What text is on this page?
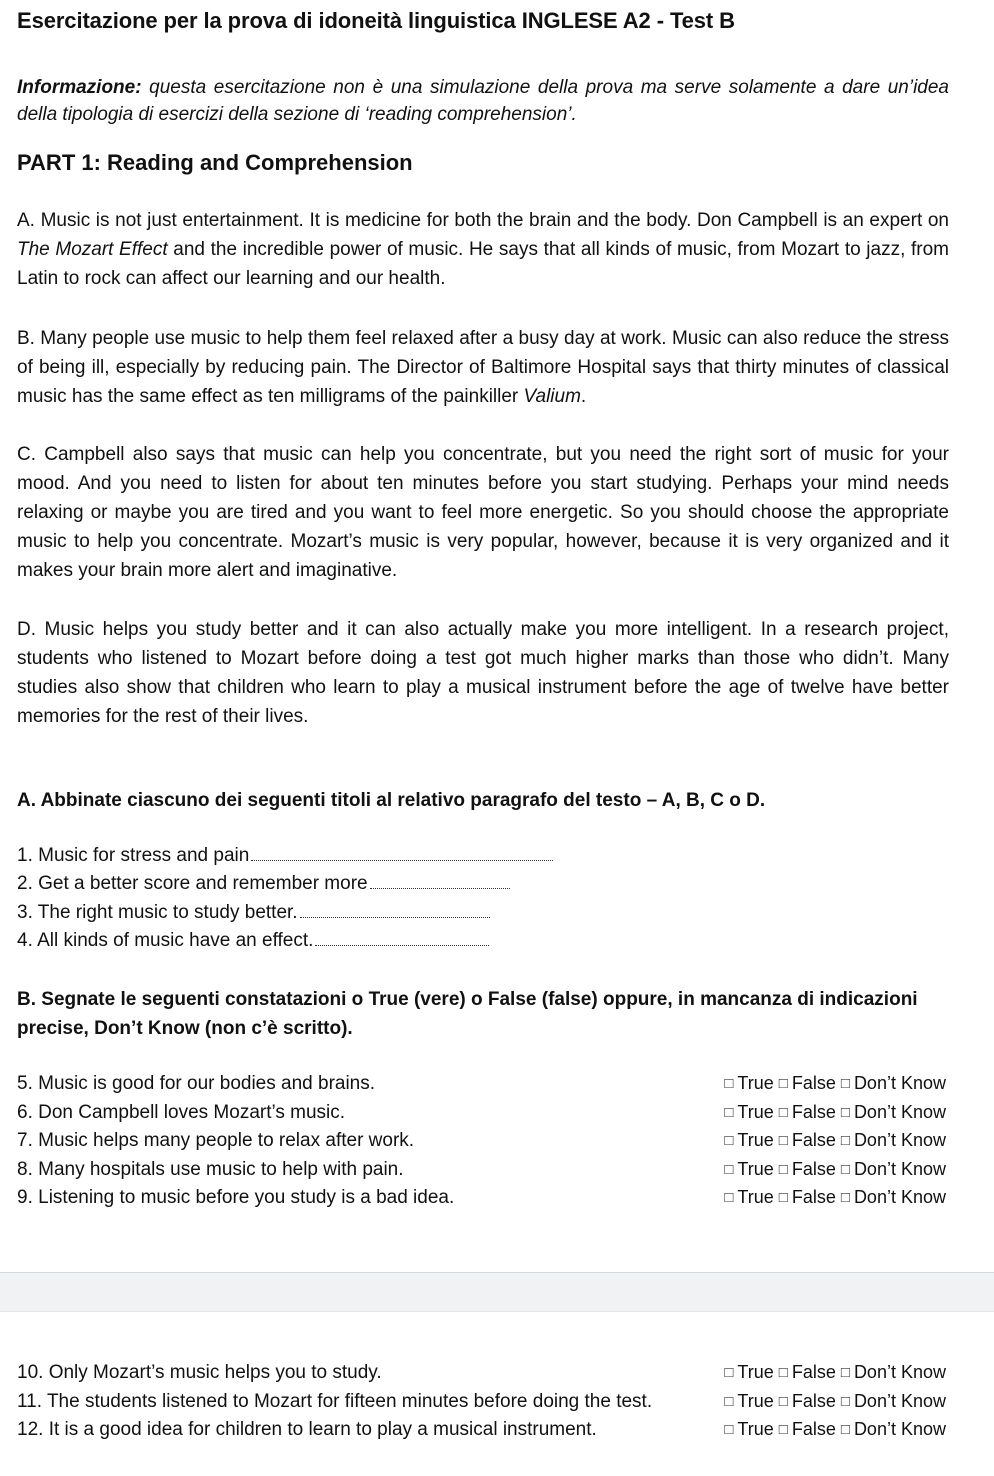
Esercitazione per la prova di idoneità linguistica INGLESE A2 - Test B
Informazione: questa esercitazione non è una simulazione della prova ma serve solamente a dare un’idea della tipologia di esercizi della sezione di ‘reading comprehension’.
PART 1: Reading and Comprehension
A. Music is not just entertainment. It is medicine for both the brain and the body. Don Campbell is an expert on The Mozart Effect and the incredible power of music. He says that all kinds of music, from Mozart to jazz, from Latin to rock can affect our learning and our health.
B. Many people use music to help them feel relaxed after a busy day at work. Music can also reduce the stress of being ill, especially by reducing pain. The Director of Baltimore Hospital says that thirty minutes of classical music has the same effect as ten milligrams of the painkiller Valium.
C. Campbell also says that music can help you concentrate, but you need the right sort of music for your mood. And you need to listen for about ten minutes before you start studying. Perhaps your mind needs relaxing or maybe you are tired and you want to feel more energetic. So you should choose the appropriate music to help you concentrate. Mozart’s music is very popular, however, because it is very organized and it makes your brain more alert and imaginative.
D. Music helps you study better and it can also actually make you more intelligent. In a research project, students who listened to Mozart before doing a test got much higher marks than those who didn’t. Many studies also show that children who learn to play a musical instrument before the age of twelve have better memories for the rest of their lives.
A. Abbinate ciascuno dei seguenti titoli al relativo paragrafo del testo – A, B, C o D.
1. Music for stress and pain
2. Get a better score and remember more
3. The right music to study better.
4. All kinds of music have an effect.
B. Segnate le seguenti constatazioni o True (vere) o False (false) oppure, in mancanza di indicazioni precise, Don’t Know (non c’è scritto).
5. Music is good for our bodies and brains.	□ True □ False □ Don’t Know
6. Don Campbell loves Mozart’s music.	□ True □ False □ Don’t Know
7. Music helps many people to relax after work.	□ True □ False □ Don’t Know
8. Many hospitals use music to help with pain.	□ True □ False □ Don’t Know
9. Listening to music before you study is a bad idea.	□ True □ False □ Don’t Know
10. Only Mozart’s music helps you to study.	□ True □ False □ Don’t Know
11. The students listened to Mozart for fifteen minutes before doing the test.	□ True □ False □ Don’t Know
12. It is a good idea for children to learn to play a musical instrument.	□ True □ False □ Don’t Know
